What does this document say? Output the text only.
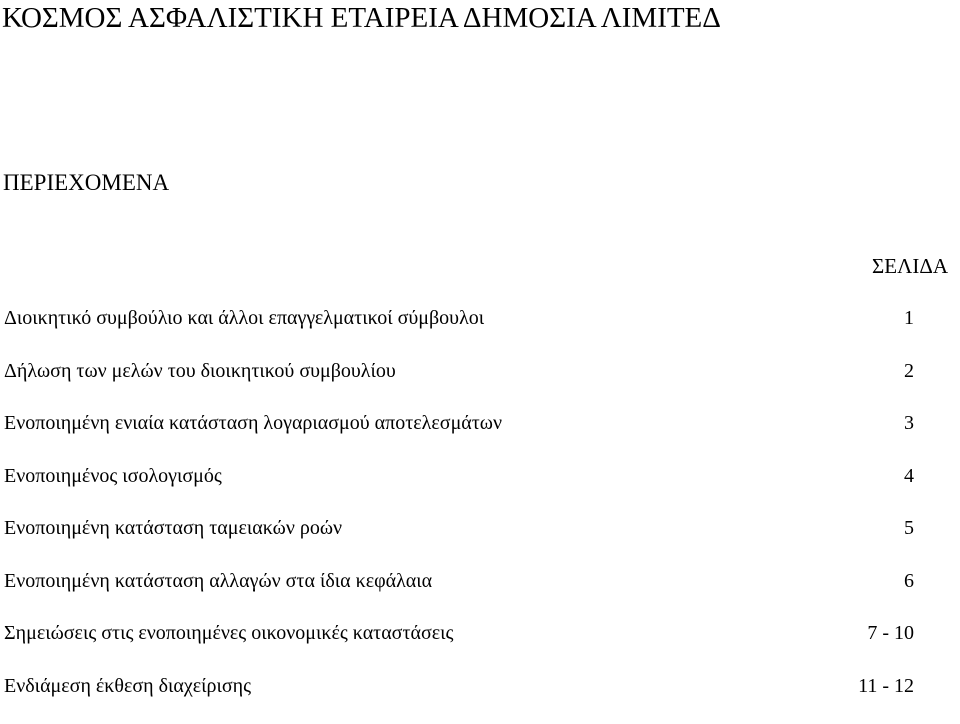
ΚΟΣΜΟΣ ΑΣΦΑΛΙΣΤΙΚΗ ΕΤΑΙΡΕΙΑ ΔΗΜΟΣΙΑ ΛΙΜΙΤΕΔ
ΠΕΡΙΕΧΟΜΕΝΑ
ΣΕΛΙΔΑ
Διοικητικό συμβούλιο και άλλοι επαγγελματικοί σύμβουλοι	1
Δήλωση των μελών του διοικητικού συμβουλίου	2
Ενοποιημένη ενιαία κατάσταση λογαριασμού αποτελεσμάτων	3
Ενοποιημένος ισολογισμός	4
Ενοποιημένη κατάσταση ταμειακών ροών	5
Ενοποιημένη κατάσταση αλλαγών στα ίδια κεφάλαια	6
Σημειώσεις στις ενοποιημένες οικονομικές καταστάσεις	7 - 10
Ενδιάμεση έκθεση διαχείρισης	11 - 12
